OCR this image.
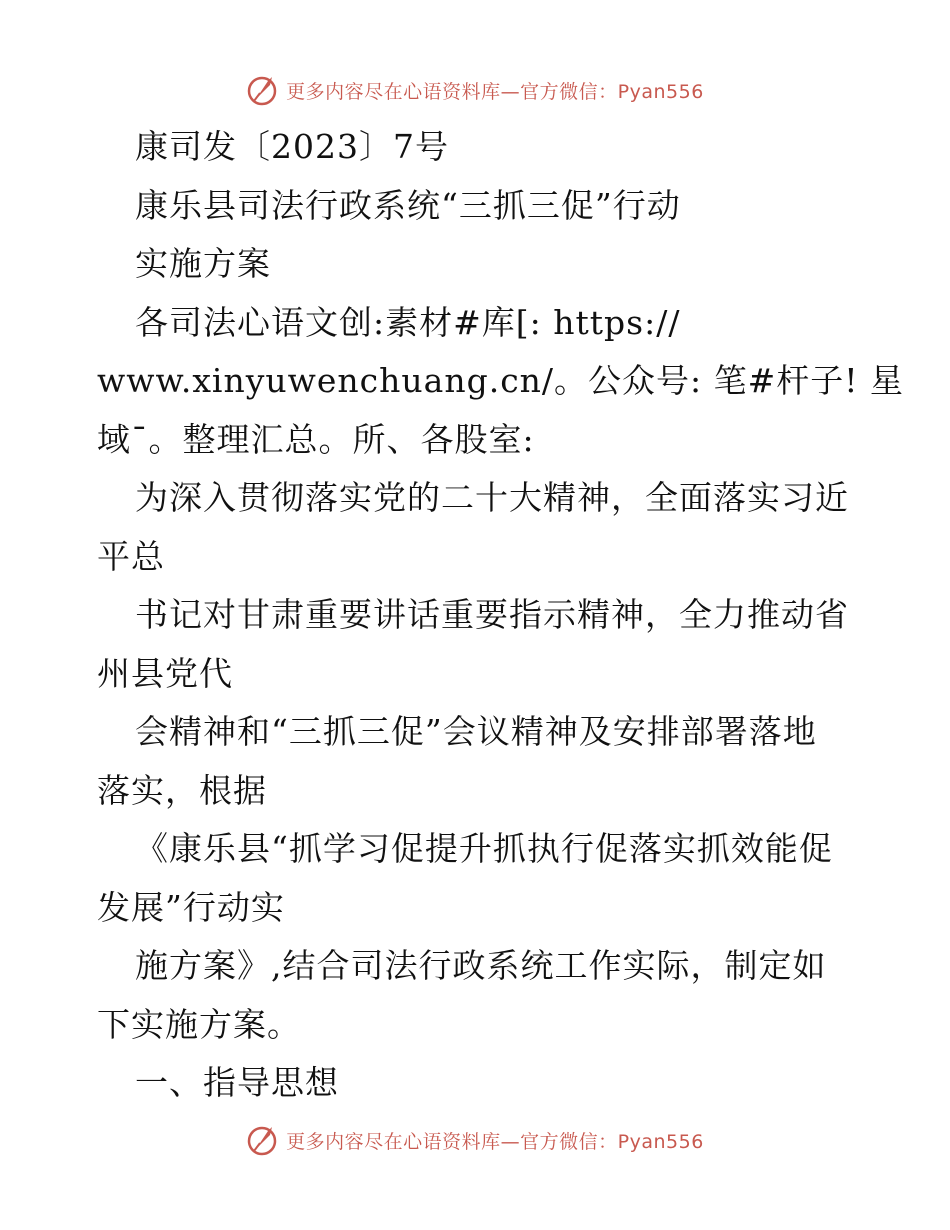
更多内容尽在心语资料库—官方微信：Pyan556
康司发〔2023〕7号
康乐县司法行政系统“三抓三促”行动
实施方案
各司法心语文创:素材#库[: https://
www.xinyuwenchuang.cn/。公众号: 笔#杆子! 星
域¯。整理汇总。所、各股室:
为深入贯彻落实党的二十大精神，全面落实习近
平总
书记对甘肃重要讲话重要指示精神，全力推动省
州县党代
会精神和“三抓三促”会议精神及安排部署落地
落实，根据
《康乐县“抓学习促提升抓执行促落实抓效能促
发展”行动实
施方案》,结合司法行政系统工作实际，制定如
下实施方案。
一、指导思想
更多内容尽在心语资料库—官方微信：Pyan556
